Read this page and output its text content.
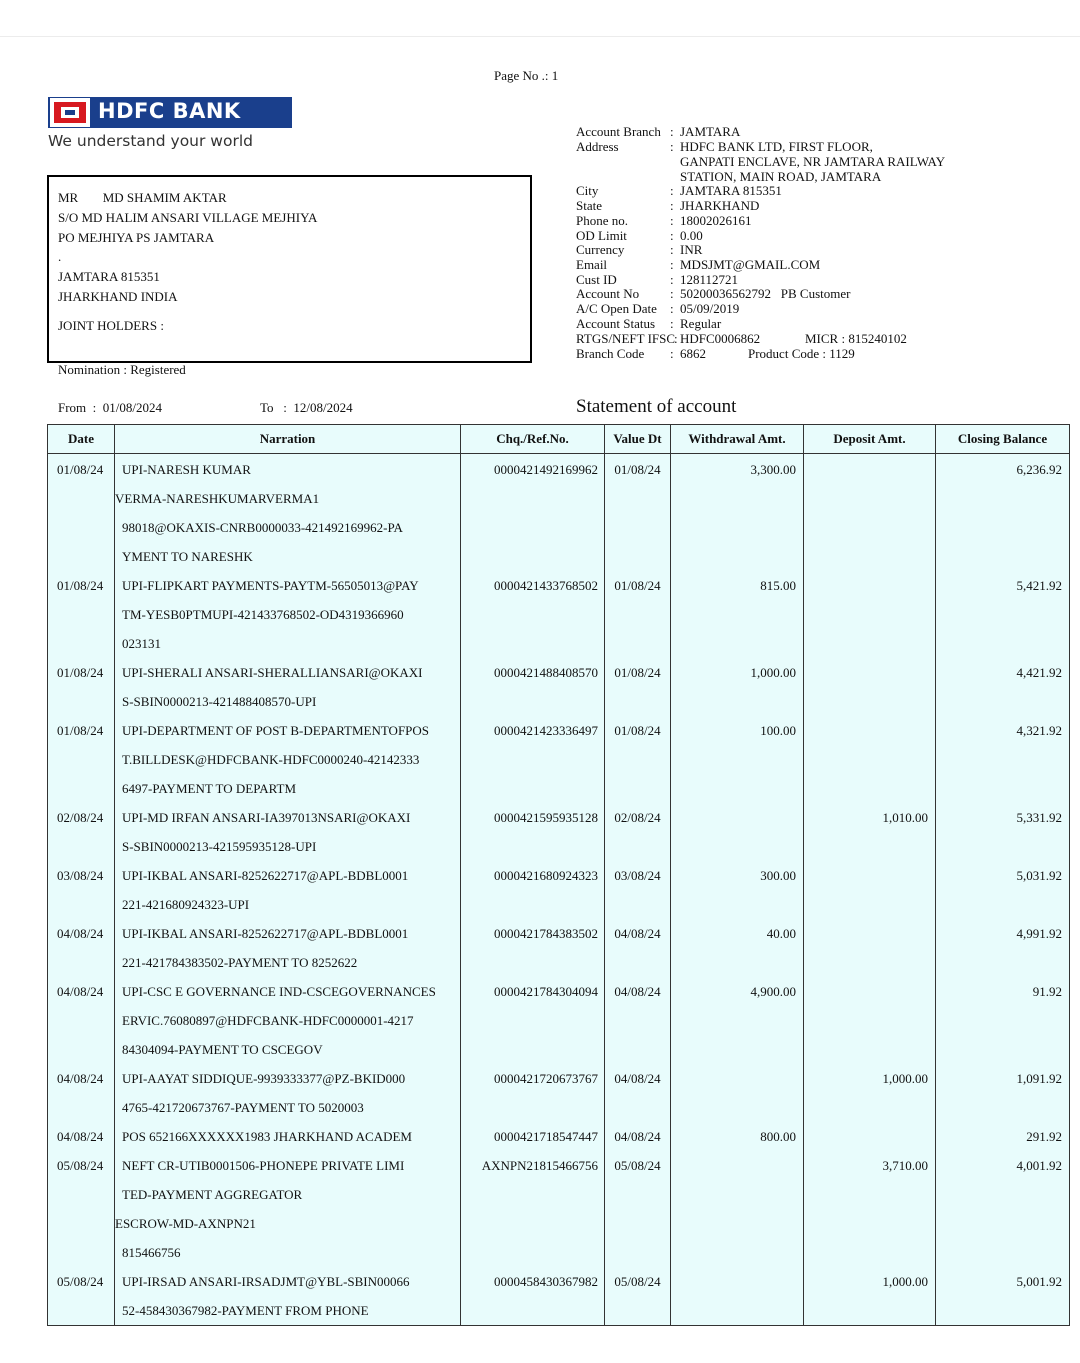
Page No .: 1
HDFC BANK
We understand your world
MR MD SHAMIM AKTAR
S/O MD HALIM ANSARI VILLAGE MEJHIYA
PO MEJHIYA PS JAMTARA
.
JAMTARA 815351
JHARKHAND INDIA
JOINT HOLDERS :
Nomination : Registered
Account Branch : JAMTARA
Address	: HDFC BANK LTD, FIRST FLOOR,
GANPATI ENCLAVE, NR JAMTARA RAILWAY
STATION, MAIN ROAD, JAMTARA
City	: JAMTARA 815351
State	: JHARKHAND
Phone no.	: 18002026161
OD Limit	: 0.00
Currency	: INR
Email	: MDSJMT@GMAIL.COM
Cust ID	: 128112721
Account No : 50200036562792   PB Customer
A/C Open Date : 05/09/2019
Account Status : Regular
RTGS/NEFT IFSC
: HDFC0006862	MICR : 815240102
Branch Code : 6862	Product Code : 1129
From  :  01/08/2024	To   :  12/08/2024	Statement of account
Date	Narration	Chq./Ref.No.	Value Dt	Withdrawal Amt.	Deposit Amt.	Closing Balance
01/08/24	UPI-NARESH KUMAR
VERMA-NARESHKUMARVERMA1
98018@OKAXIS-CNRB0000033-421492169962-PA
YMENT TO NARESHK	0000421492169962	01/08/24	3,300.00		6,236.92
01/08/24	UPI-FLIPKART PAYMENTS-PAYTM-56505013@PAY
TM-YESB0PTMUPI-421433768502-OD4319366960
023131	0000421433768502	01/08/24	815.00		5,421.92
01/08/24	UPI-SHERALI ANSARI-SHERALLIANSARI@OKAXI
S-SBIN0000213-421488408570-UPI	0000421488408570	01/08/24	1,000.00		4,421.92
01/08/24	UPI-DEPARTMENT OF POST B-DEPARTMENTOFPOS
T.BILLDESK@HDFCBANK-HDFC0000240-42142333
6497-PAYMENT TO DEPARTM	0000421423336497	01/08/24	100.00		4,321.92
02/08/24	UPI-MD IRFAN ANSARI-IA397013NSARI@OKAXI
S-SBIN0000213-421595935128-UPI	0000421595935128	02/08/24		1,010.00	5,331.92
03/08/24	UPI-IKBAL ANSARI-8252622717@APL-BDBL0001
221-421680924323-UPI	0000421680924323	03/08/24	300.00		5,031.92
04/08/24	UPI-IKBAL ANSARI-8252622717@APL-BDBL0001
221-421784383502-PAYMENT TO 8252622	0000421784383502	04/08/24	40.00		4,991.92
04/08/24	UPI-CSC E GOVERNANCE IND-CSCEGOVERNANCES
ERVIC.76080897@HDFCBANK-HDFC0000001-4217
84304094-PAYMENT TO CSCEGOV	0000421784304094	04/08/24	4,900.00		91.92
04/08/24	UPI-AAYAT SIDDIQUE-9939333377@PZ-BKID000
4765-421720673767-PAYMENT TO 5020003	0000421720673767	04/08/24		1,000.00	1,091.92
04/08/24	POS 652166XXXXXX1983 JHARKHAND ACADEM	0000421718547447	04/08/24	800.00		291.92
05/08/24	NEFT CR-UTIB0001506-PHONEPE PRIVATE LIMI
TED-PAYMENT AGGREGATOR
ESCROW-MD-AXNPN21
815466756	AXNPN21815466756	05/08/24		3,710.00	4,001.92
05/08/24	UPI-IRSAD ANSARI-IRSADJMT@YBL-SBIN00066
52-458430367982-PAYMENT FROM PHONE	0000458430367982	05/08/24		1,000.00	5,001.92
